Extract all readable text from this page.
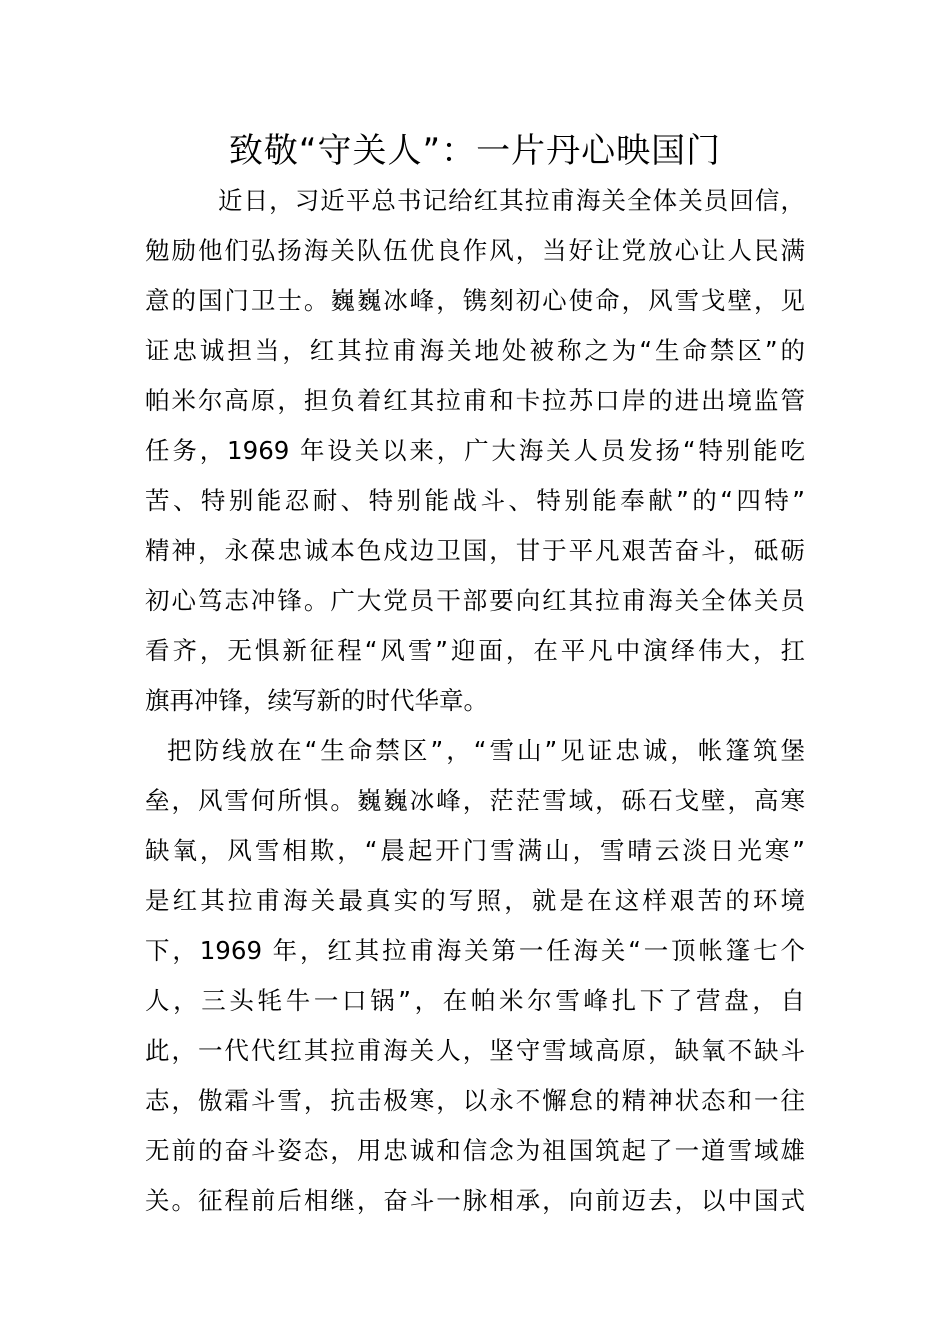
致敬“守关人”：一片丹心映国门
近日，习近平总书记给红其拉甫海关全体关员回信，
勉励他们弘扬海关队伍优良作风，当好让党放心让人民满
意的国门卫士。巍巍冰峰，镌刻初心使命，风雪戈壁，见
证忠诚担当，红其拉甫海关地处被称之为“生命禁区”的
帕米尔高原，担负着红其拉甫和卡拉苏口岸的进出境监管
任务，1969 年设关以来，广大海关人员发扬“特别能吃
苦、特别能忍耐、特别能战斗、特别能奉献”的“四特”
精神，永葆忠诚本色戍边卫国，甘于平凡艰苦奋斗，砥砺
初心笃志冲锋。广大党员干部要向红其拉甫海关全体关员
看齐，无惧新征程“风雪”迎面，在平凡中演绎伟大，扛
旗再冲锋，续写新的时代华章。
把防线放在“生命禁区”，“雪山”见证忠诚，帐篷筑堡
垒，风雪何所惧。巍巍冰峰，茫茫雪域，砾石戈壁，高寒
缺氧，风雪相欺，“晨起开门雪满山，雪晴云淡日光寒”
是红其拉甫海关最真实的写照，就是在这样艰苦的环境
下，1969 年，红其拉甫海关第一任海关“一顶帐篷七个
人，三头牦牛一口锅”，在帕米尔雪峰扎下了营盘，自
此，一代代红其拉甫海关人，坚守雪域高原，缺氧不缺斗
志，傲霜斗雪，抗击极寒，以永不懈怠的精神状态和一往
无前的奋斗姿态，用忠诚和信念为祖国筑起了一道雪域雄
关。征程前后相继，奋斗一脉相承，向前迈去，以中国式
